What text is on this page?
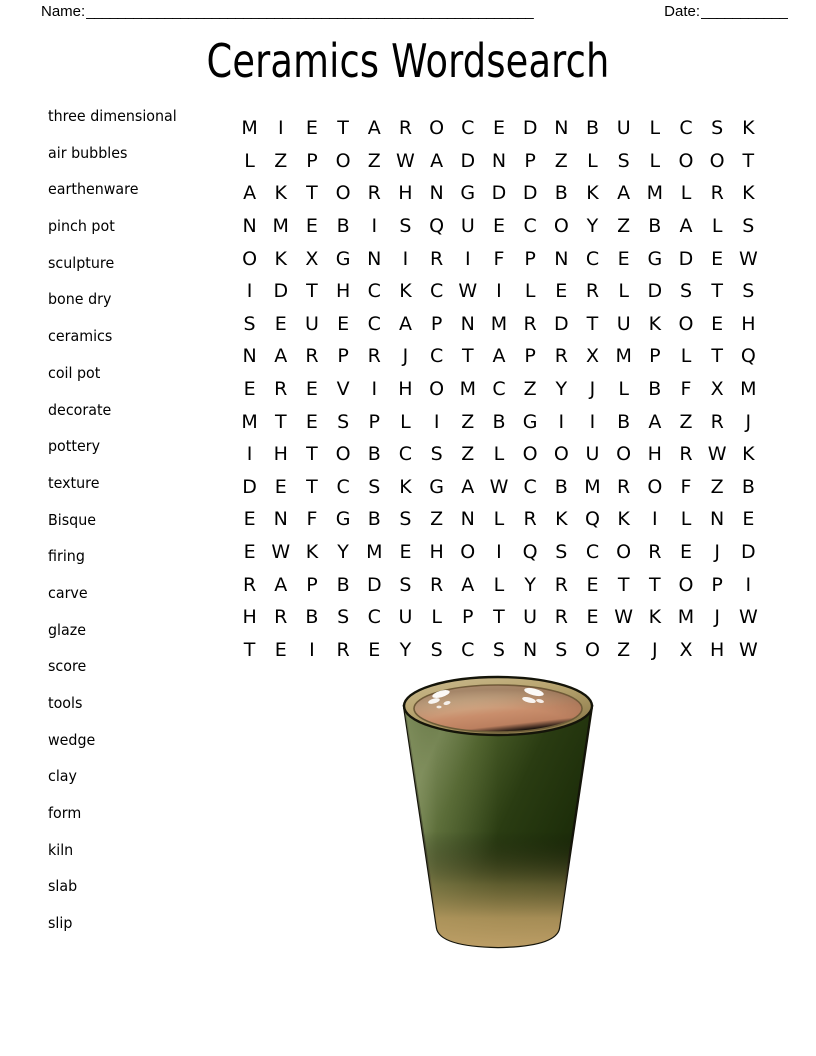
Name: _________________________________________________________	Date: ___________
Ceramics Wordsearch
three dimensional
air bubbles
earthenware
pinch pot
sculpture
bone dry
ceramics
coil pot
decorate
pottery
texture
Bisque
firing
carve
glaze
score
tools
wedge
clay
form
kiln
slab
slip
M	I	E	T A R O C E D N B U L	C S K
L	Z P O Z W A D N P Z	L	S	L O O T
A K	T O R H N G D D B K A M L	R K
N M E B	I	S Q U E C O Y Z B A	L	S
O K X G N	I	R	I	F	P N C E G D E W
I	D T H C K C W I	L	E R	L D S	T	S
S	E U E C A P N M R D T U K O E H
N A R P R	J	C T A P R X M P	L	T Q
E R E V	I	H O M C Z Y	J	L	B	F	X M
M T	E	S	P	L	I	Z B G	I	I	B A Z R	J
I	H T O B C S Z	L O O U O H R W K
D E	T C S K G A W C B M R O F	Z B
E N F G B S Z N L	R K Q K	I	L N E
E W K	Y M E H O	I	Q S C O R E	J	D
R A P B D S R A	L	Y R E	T	T O P	I
H R B S C U L	P	T U R E W K M	J W
T	E	I	R E	Y	S C S N S O Z	J	X H W
